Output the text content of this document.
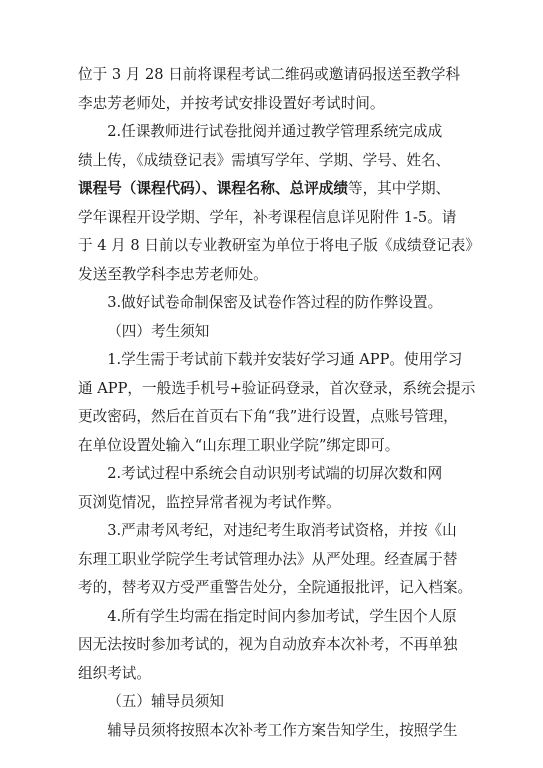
位于 3 月 28 日前将课程考试二维码或邀请码报送至教学科
李忠芳老师处，并按考试安排设置好考试时间。

2.任课教师进行试卷批阅并通过教学管理系统完成成
绩上传，《成绩登记表》需填写学年、学期、学号、姓名、
课程号（课程代码）、课程名称、总评成绩等，其中学期、
学年课程开设学期、学年，补考课程信息详见附件 1-5。请
于 4 月 8 日前以专业教研室为单位于将电子版《成绩登记表》
发送至教学科李忠芳老师处。

3.做好试卷命制保密及试卷作答过程的防作弊设置。

（四）考生须知

1.学生需于考试前下载并安装好学习通 APP。使用学习
通 APP，一般选手机号+验证码登录，首次登录，系统会提示
更改密码，然后在首页右下角“我”进行设置，点账号管理，
在单位设置处输入“山东理工职业学院”绑定即可。

2.考试过程中系统会自动识别考试端的切屏次数和网
页浏览情况，监控异常者视为考试作弊。

3.严肃考风考纪，对违纪考生取消考试资格，并按《山
东理工职业学院学生考试管理办法》从严处理。经查属于替
考的，替考双方受严重警告处分，全院通报批评，记入档案。

4.所有学生均需在指定时间内参加考试，学生因个人原
因无法按时参加考试的，视为自动放弃本次补考，不再单独
组织考试。

（五）辅导员须知

辅导员须将按照本次补考工作方案告知学生，按照学生
